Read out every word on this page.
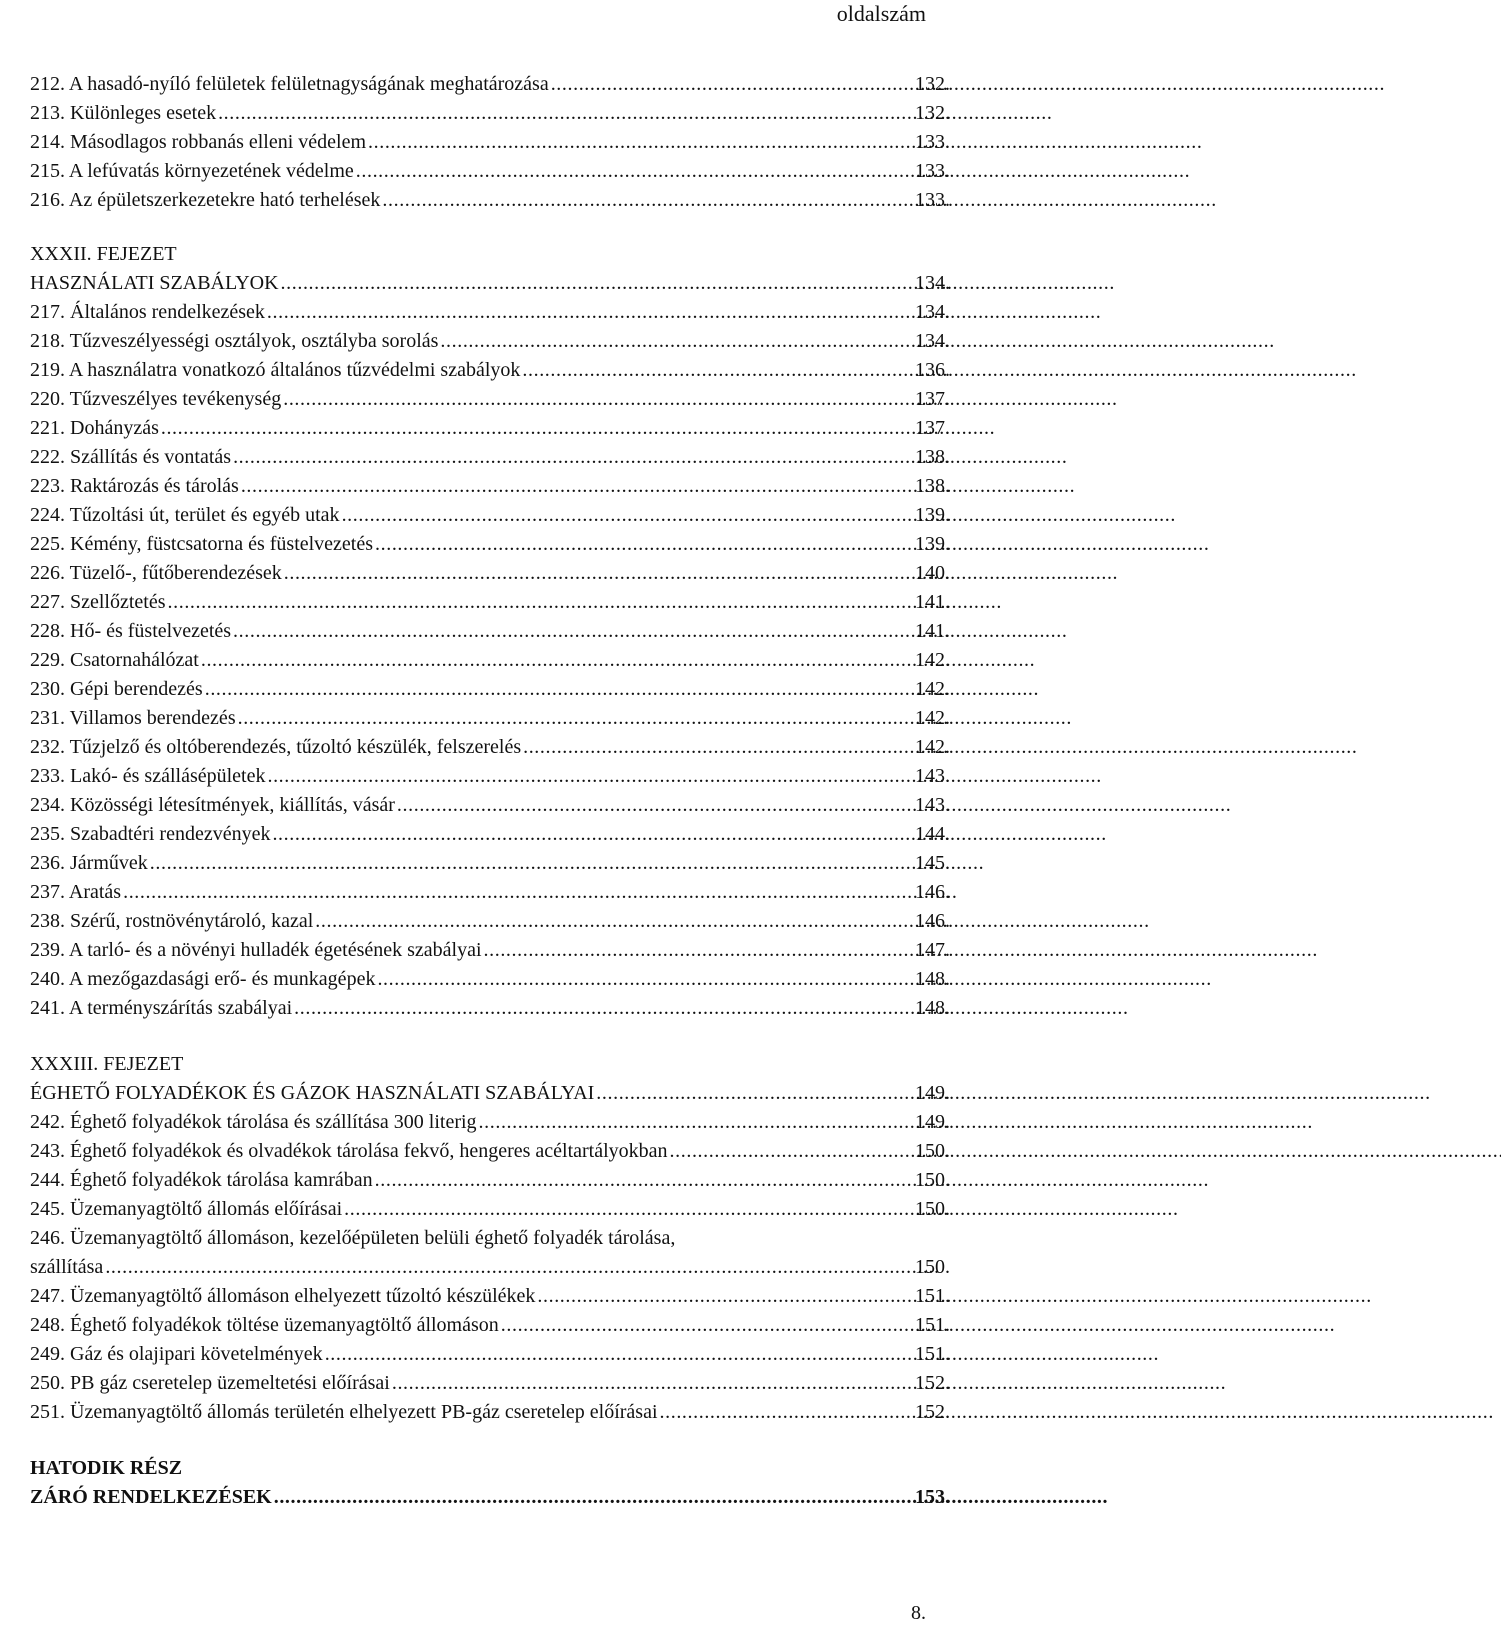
oldalszám
212. A hasadó-nyíló felületek felületnagyságának meghatározása . . .	132.
213. Különleges esetek . . .	132.
214. Másodlagos robbanás elleni védelem . . .	133.
215. A lefúvatás környezetének védelme . . .	133.
216. Az épületszerkezetekre ható terhelések . . .	133.
XXXII. FEJEZET
HASZNÁLATI SZABÁLYOK . . .	134.
217. Általános rendelkezések . . .	134.
218. Tűzveszélyességi osztályok, osztályba sorolás . . .	134.
219. A használatra vonatkozó általános tűzvédelmi szabályok . . .	136.
220. Tűzveszélyes tevékenység . . .	137.
221. Dohányzás . . .	137.
222. Szállítás és vontatás . . .	138.
223. Raktározás és tárolás . . .	138.
224. Tűzoltási út, terület és egyéb utak . . .	139.
225. Kémény, füstcsatorna és füstelvezetés . . .	139.
226. Tüzelő-, fűtőberendezések . . .	140.
227. Szellőztetés . . .	141.
228. Hő- és füstelvezetés . . .	141.
229. Csatornahálózat . . .	142.
230. Gépi berendezés . . .	142.
231. Villamos berendezés . . .	142.
232. Tűzjelző és oltóberendezés, tűzoltó készülék, felszerelés . . .	142.
233. Lakó- és szállásépületek . . .	143.
234. Közösségi létesítmények, kiállítás, vásár . . .	143.
235. Szabadtéri rendezvények . . .	144.
236. Járművek . . .	145.
237. Aratás . . .	146.
238. Szérű, rostnövénytároló, kazal . . .	146.
239. A tarló- és a növényi hulladék égetésének szabályai . . .	147.
240. A mezőgazdasági erő- és munkagépek . . .	148.
241. A terményszárítás szabályai . . .	148.
XXXIII. FEJEZET
ÉGHETŐ FOLYADÉKOK ÉS GÁZOK HASZNÁLATI SZABÁLYAI . . .	149.
242. Éghető folyadékok tárolása és szállítása 300 literig . . .	149.
243. Éghető folyadékok és olvadékok tárolása fekvő, hengeres acéltartályokban . . .	150.
244. Éghető folyadékok tárolása kamrában . . .	150.
245. Üzemanyagtöltő állomás előírásai . . .	150.
246. Üzemanyagtöltő állomáson, kezelőépületen belüli éghető folyadék tárolása,
szállítása . . .	150.
247. Üzemanyagtöltő állomáson elhelyezett tűzoltó készülékek . . .	151.
248. Éghető folyadékok töltése üzemanyagtöltő állomáson . . .	151.
249. Gáz és olajipari követelmények . . .	151.
250. PB gáz cseretelep üzemeltetési előírásai . . .	152.
251. Üzemanyagtöltő állomás területén elhelyezett PB-gáz cseretelep előírásai . . .	152.
HATODIK RÉSZ
ZÁRÓ RENDELKEZÉSEK . . .	153.
8.
